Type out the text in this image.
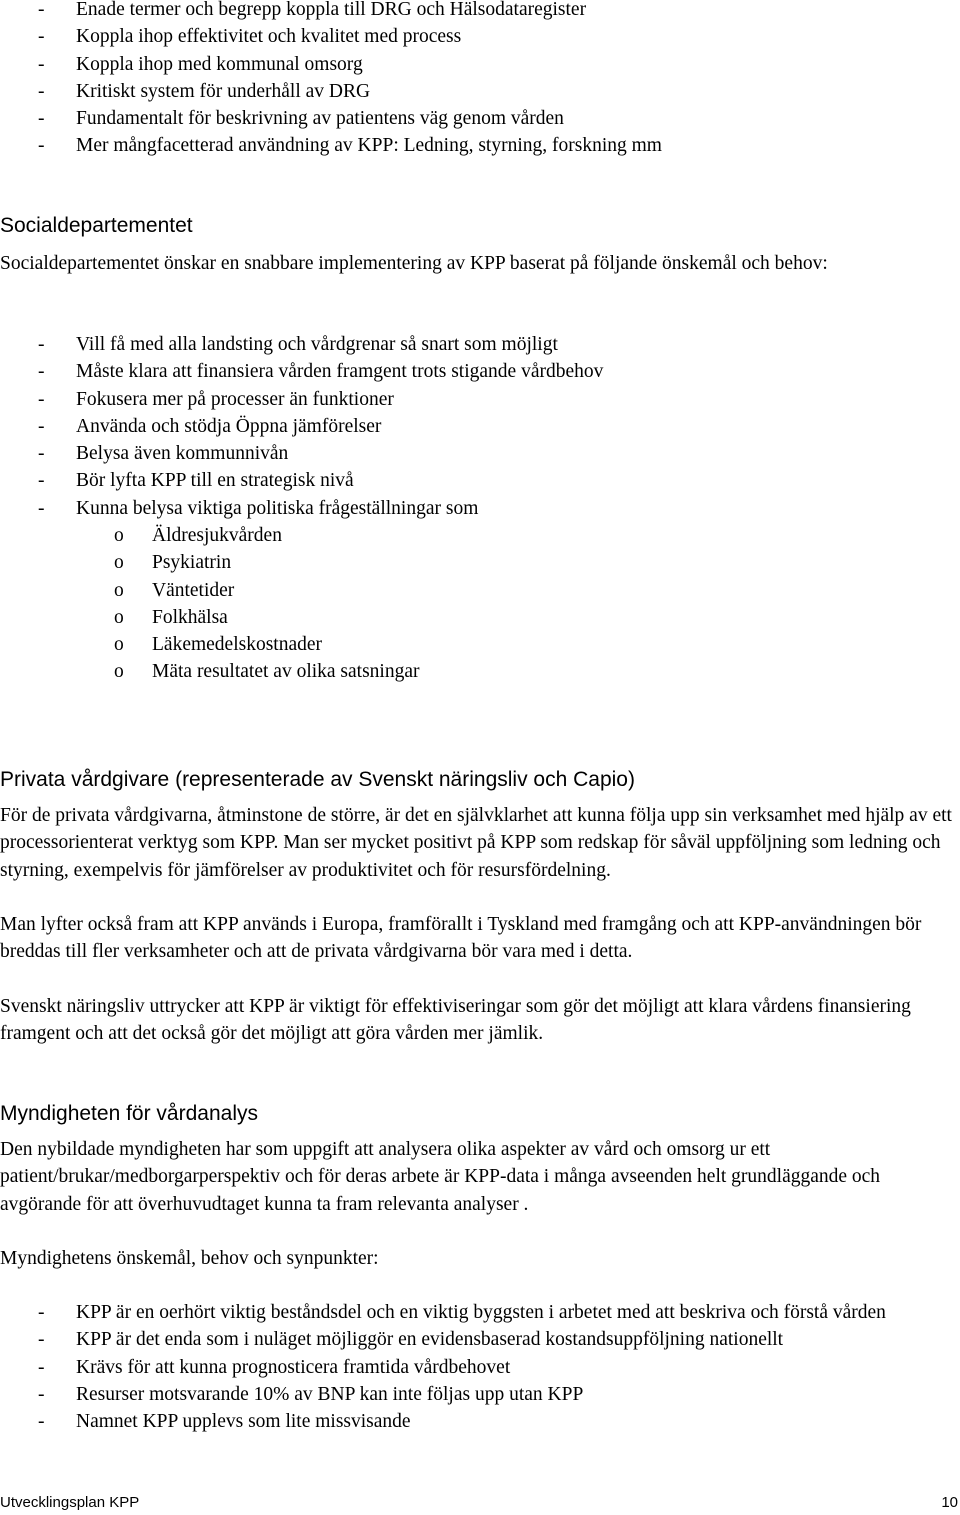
- Enade termer och begrepp koppla till DRG och Hälsodataregister
- Koppla ihop effektivitet och kvalitet med process
- Koppla ihop med kommunal omsorg
- Kritiskt system för underhåll av DRG
- Fundamentalt för beskrivning av patientens väg genom vården
- Mer mångfacetterad användning av KPP: Ledning, styrning, forskning mm
Socialdepartementet

Socialdepartementet önskar en snabbare implementering av KPP baserat på följande önskemål och behov:

- Vill få med alla landsting och vårdgrenar så snart som möjligt
- Måste klara att finansiera vården framgent trots stigande vårdbehov
- Fokusera mer på processer än funktioner
- Använda och stödja Öppna jämförelser
- Belysa även kommunnivån
- Bör lyfta KPP till en strategisk nivå
- Kunna belysa viktiga politiska frågeställningar som
o Äldresjukvården
o Psykiatrin
o Väntetider
o Folkhälsa
o Läkemedelskostnader
o Mäta resultatet av olika satsningar
Privata vårdgivare (representerade av Svenskt näringsliv och Capio)

För de privata vårdgivarna, åtminstone de större, är det en självklarhet att kunna följa upp sin verksamhet med hjälp av ett processorienterat verktyg som KPP. Man ser mycket positivt på KPP som redskap för såväl uppföljning som ledning och styrning, exempelvis för jämförelser av produktivitet och för resursfördelning.

Man lyfter också fram att KPP används i Europa, framförallt i Tyskland med framgång och att KPP-användningen bör breddas till fler verksamheter och att de privata vårdgivarna bör vara med i detta.

Svenskt näringsliv uttrycker att KPP är viktigt för effektiviseringar som gör det möjligt att klara vårdens finansiering framgent och att det också gör det möjligt att göra vården mer jämlik.

Myndigheten för vårdanalys

Den nybildade myndigheten har som uppgift att analysera olika aspekter av vård och omsorg ur ett patient/brukar/medborgarperspektiv och för deras arbete är KPP-data i många avseenden helt grundläggande och avgörande för att överhuvudtaget kunna ta fram relevanta analyser .

Myndighetens önskemål, behov och synpunkter:

- KPP är en oerhört viktig beståndsdel och en viktig byggsten i arbetet med att beskriva och förstå vården
- KPP är det enda som i nuläget möjliggör en evidensbaserad kostandsuppföljning nationellt
- Krävs för att kunna prognosticera framtida vårdbehovet
- Resurser motsvarande 10% av BNP kan inte följas upp utan KPP
- Namnet KPP upplevs som lite missvisande
Utvecklingsplan KPP	10
